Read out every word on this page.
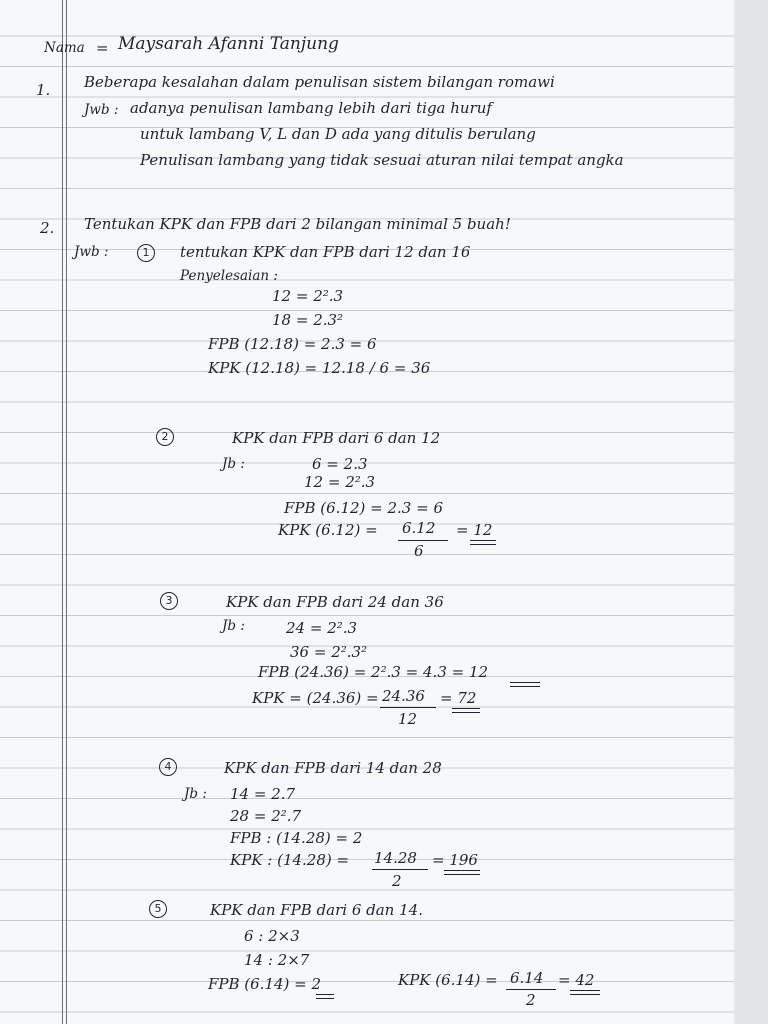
Nama = Maysarah Afanni Tanjung
1. Beberapa kesalahan dalam penulisan sistem bilangan romawi
Jwb : adanya penulisan lambang lebih dari tiga huruf
untuk lambang V, L dan D ada yang ditulis berulang
Penulisan lambang yang tidak sesuai aturan nilai tempat angka
2. Tentukan KPK dan FPB dari 2 bilangan minimal 5 buah!
Jwb :	1	tentukan KPK dan FPB dari 12 dan 16
Penyelesaian :
12 = 2².3
18 = 2.3²
FPB (12.18) = 2.3 = 6
KPK (12.18) = 12.18 / 6 = 36
2	KPK dan FPB dari 6 dan 12
Jb :	6 = 2.3
12 = 2².3
FPB (6.12) = 2.3 = 6
KPK (6.12) = 6.12
6
= 12
3	KPK dan FPB dari 24 dan 36
Jb :	24 = 2².3
36 = 2².3²
FPB (24.36) = 2².3 = 4.3 = 12
KPK = (24.36) = 24.36
12
= 72
4	KPK dan FPB dari 14 dan 28
Jb : 14 = 2.7
28 = 2².7
FPB : (14.28) = 2
KPK : (14.28) = 14.28
2
= 196
5	KPK dan FPB dari 6 dan 14.
6 : 2×3
14 : 2×7
FPB (6.14) = 2	KPK (6.14) = 6.14
2
= 42
